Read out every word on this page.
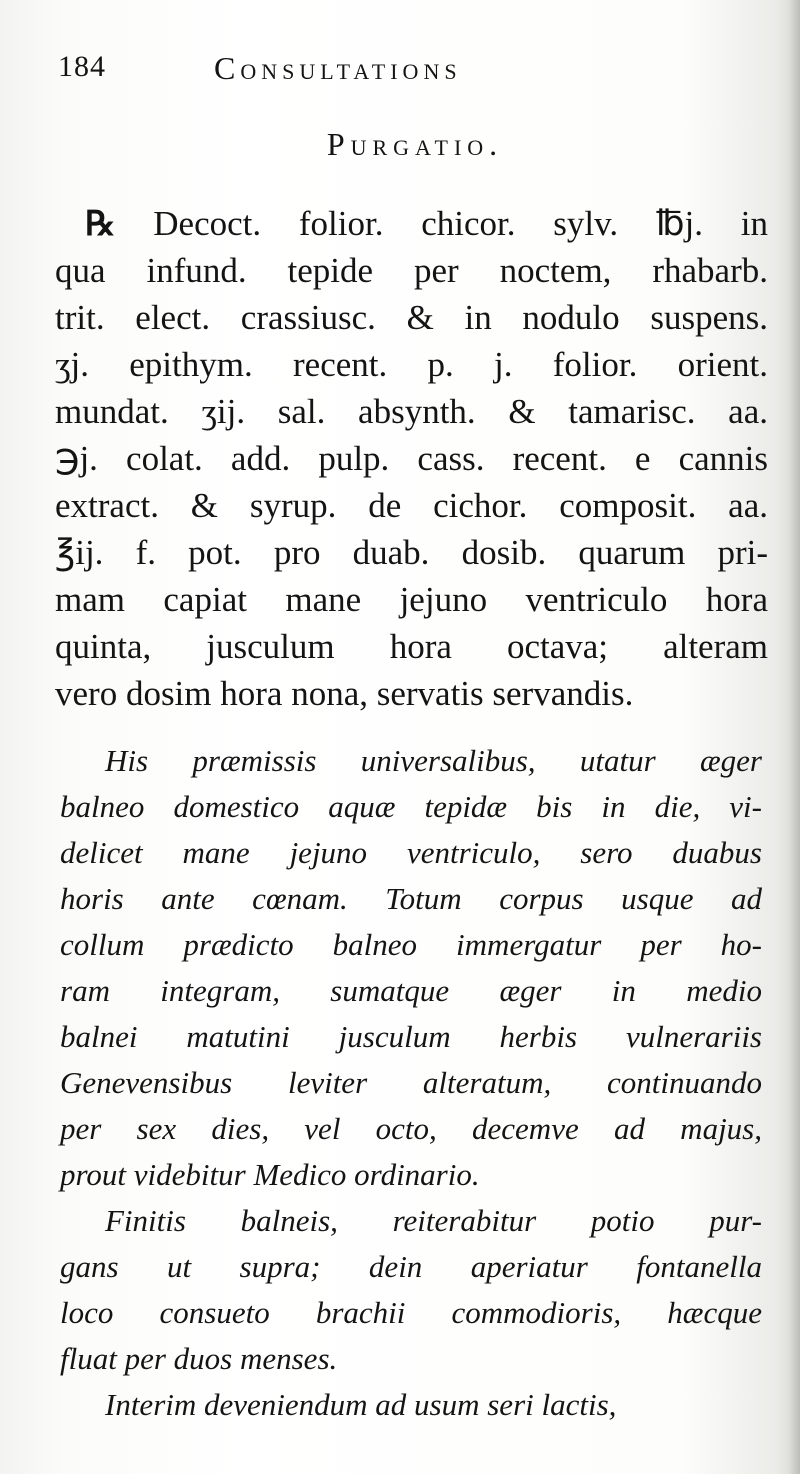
184	Consultations
Purgatio.
℞ Decoct. folior. chicor. sylv. ℔j. in
qua infund. tepide per noctem, rhabarb.
trit. elect. crassiusc. & in nodulo suspens.
ʒj. epithym. recent. p. j. folior. orient.
mundat. ʒij. sal. absynth. & tamarisc. aa.
℈j. colat. add. pulp. cass. recent. e cannis
extract. & syrup. de cichor. composit. aa.
℥ij. f. pot. pro duab. dosib. quarum pri-
mam capiat mane jejuno ventriculo hora
quinta, jusculum hora octava; alteram
vero dosim hora nona, servatis servandis.
His præmissis universalibus, utatur æger
balneo domestico aquæ tepidæ bis in die, vi-
delicet mane jejuno ventriculo, sero duabus
horis ante cœnam. Totum corpus usque ad
collum prædicto balneo immergatur per ho-
ram integram, sumatque æger in medio
balnei matutini jusculum herbis vulnerariis
Genevensibus leviter alteratum, continuando
per sex dies, vel octo, decemve ad majus,
prout videbitur Medico ordinario.
Finitis balneis, reiterabitur potio pur-
gans ut supra; dein aperiatur fontanella
loco consueto brachii commodioris, hæcque
fluat per duos menses.
Interim deveniendum ad usum seri lactis,
